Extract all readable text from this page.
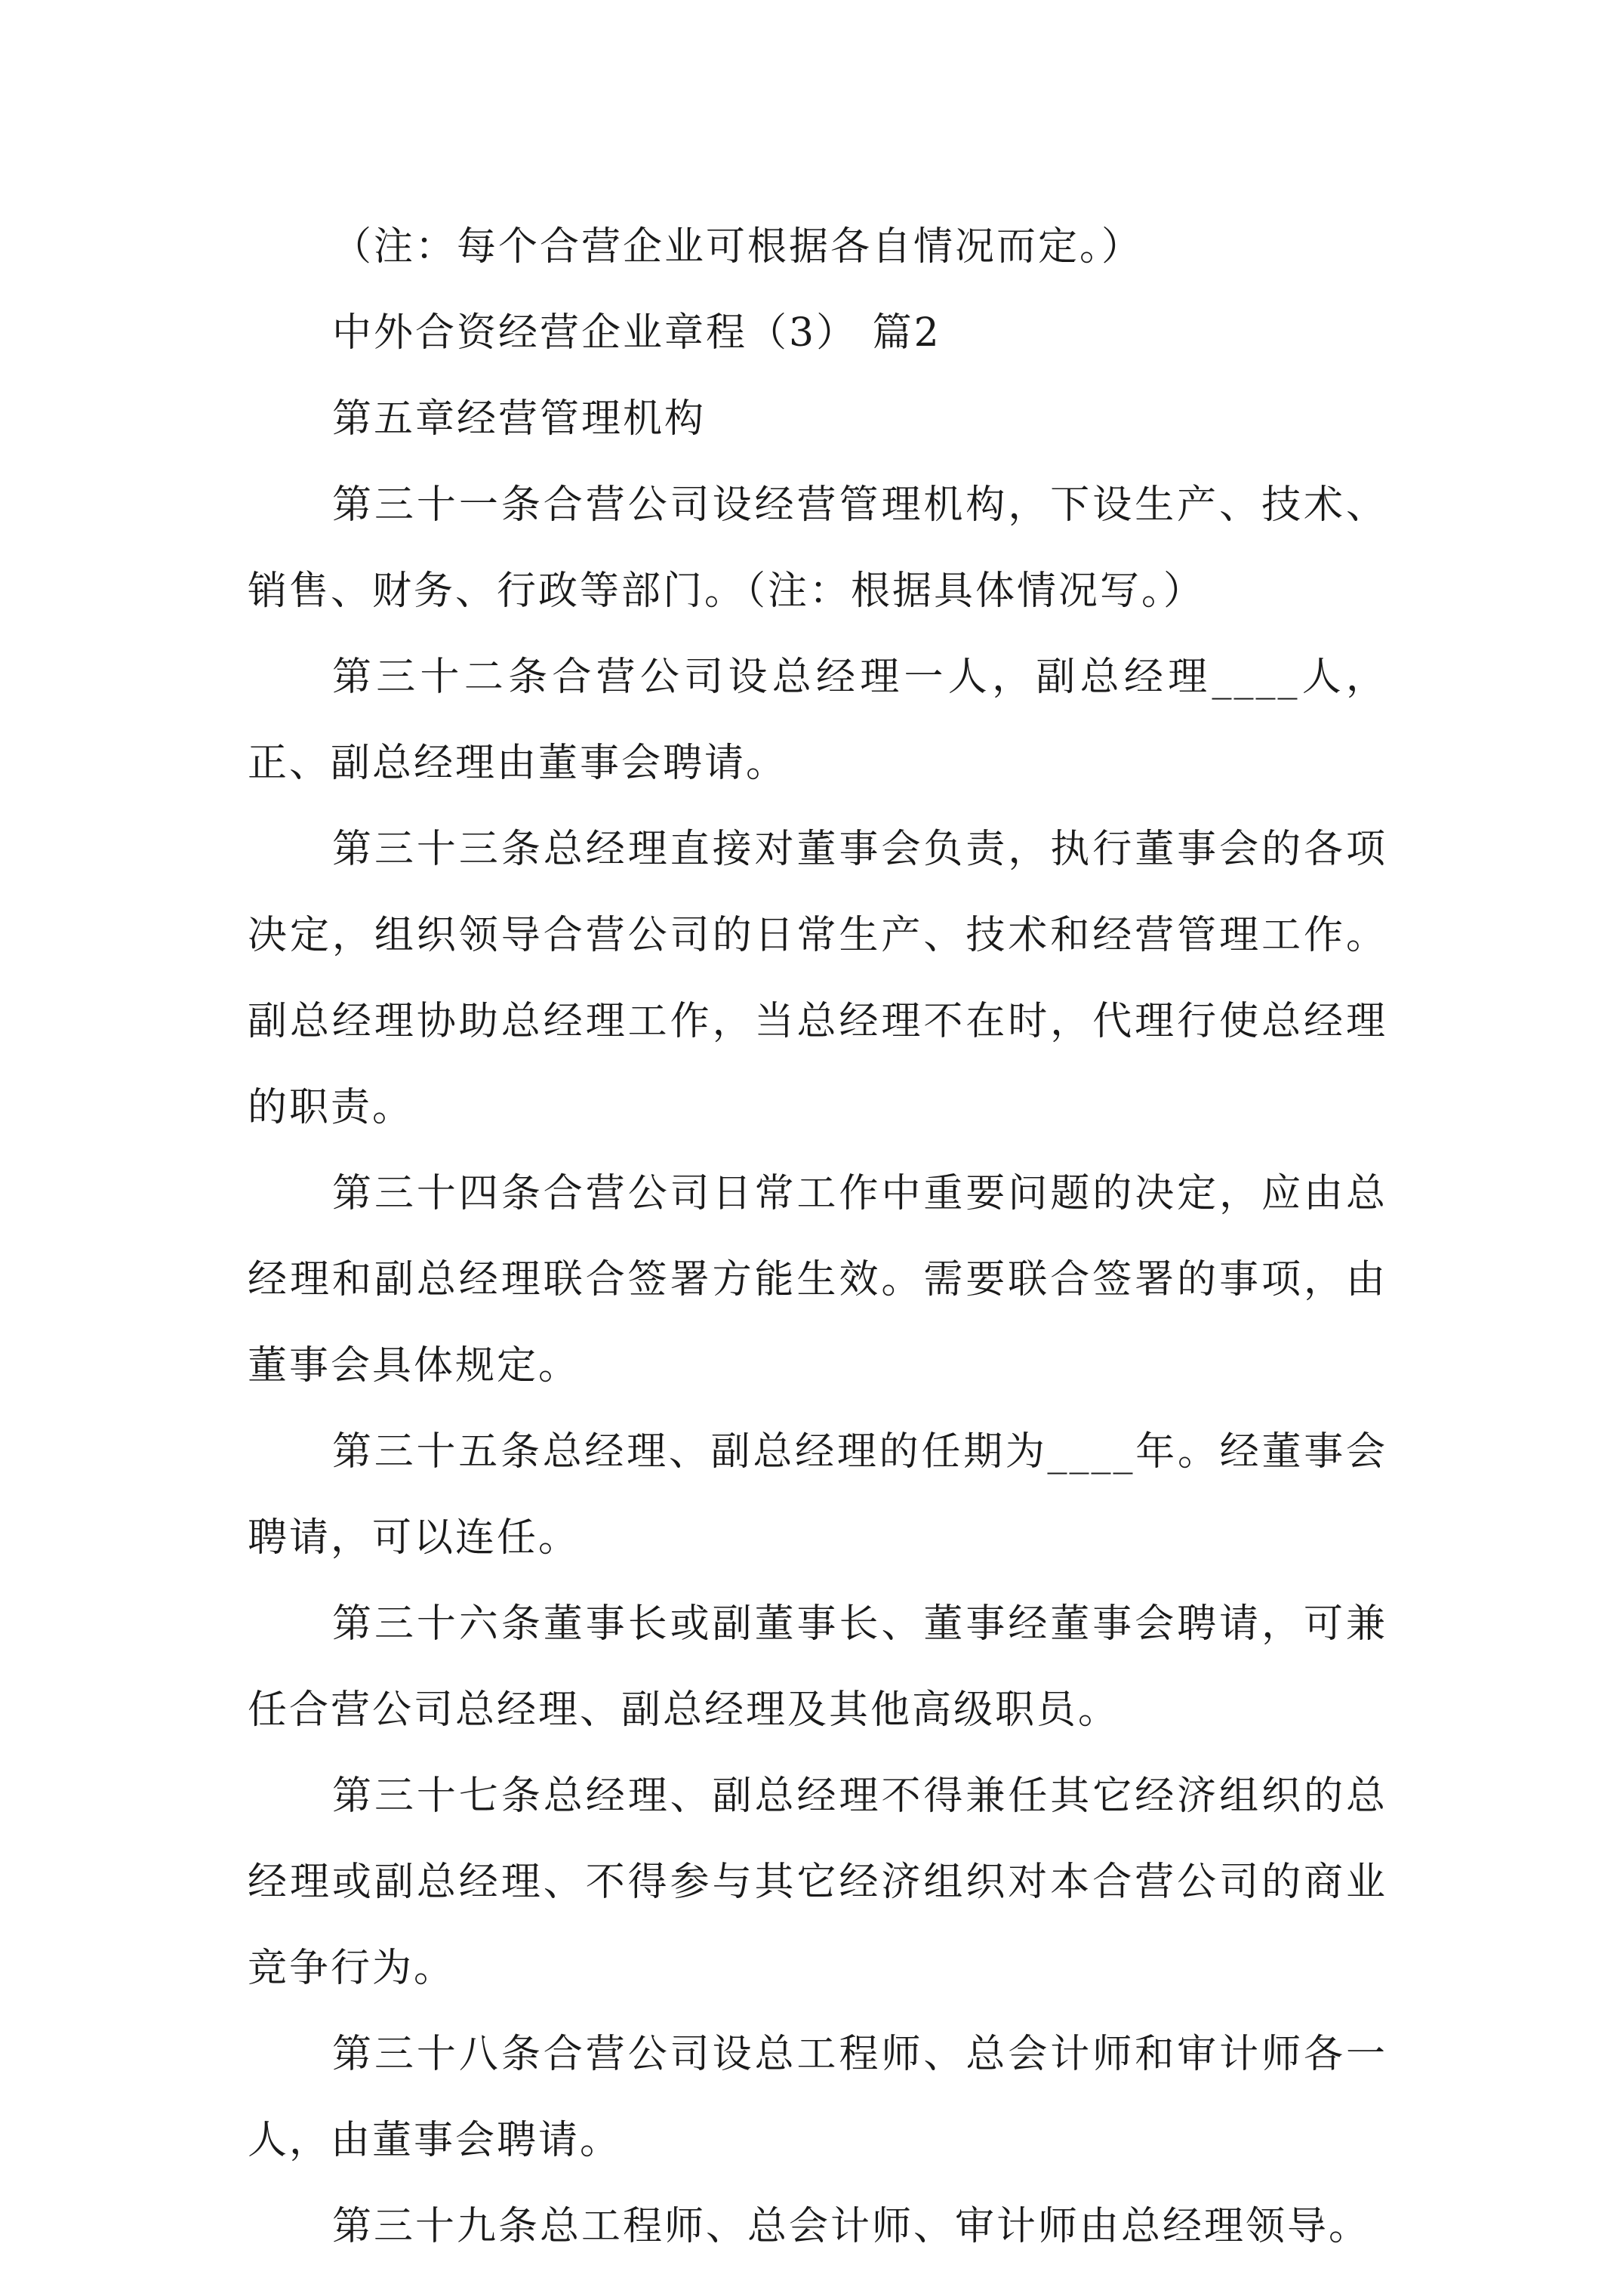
（注：每个合营企业可根据各自情况而定。）

中外合资经营企业章程（3） 篇2

第五章经营管理机构

第三十一条合营公司设经营管理机构，下设生产、技术、销售、财务、行政等部门。（注：根据具体情况写。）

第三十二条合营公司设总经理一人，副总经理____人，正、副总经理由董事会聘请。

第三十三条总经理直接对董事会负责，执行董事会的各项决定，组织领导合营公司的日常生产、技术和经营管理工作。副总经理协助总经理工作，当总经理不在时，代理行使总经理的职责。

第三十四条合营公司日常工作中重要问题的决定，应由总经理和副总经理联合签署方能生效。需要联合签署的事项，由董事会具体规定。

第三十五条总经理、副总经理的任期为____年。经董事会聘请，可以连任。

第三十六条董事长或副董事长、董事经董事会聘请，可兼任合营公司总经理、副总经理及其他高级职员。

第三十七条总经理、副总经理不得兼任其它经济组织的总经理或副总经理、不得参与其它经济组织对本合营公司的商业竞争行为。

第三十八条合营公司设总工程师、总会计师和审计师各一人，由董事会聘请。

第三十九条总工程师、总会计师、审计师由总经理领导。
